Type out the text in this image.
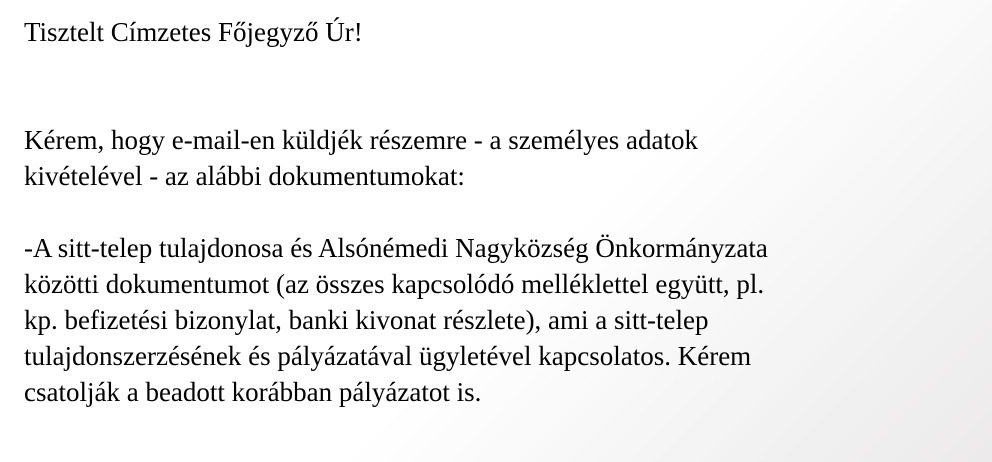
Tisztelt Címzetes Főjegyző Úr!

Kérem, hogy e-mail-en küldjék részemre - a személyes adatok
kivételével - az alábbi dokumentumokat:

-A sitt-telep tulajdonosa és Alsónémedi Nagyközség Önkormányzata
közötti dokumentumot (az összes kapcsolódó melléklettel együtt, pl.
kp. befizetési bizonylat, banki kivonat részlete), ami a sitt-telep
tulajdonszerzésének és pályázatával ügyletével kapcsolatos. Kérem
csatolják a beadott korábban pályázatot is.
